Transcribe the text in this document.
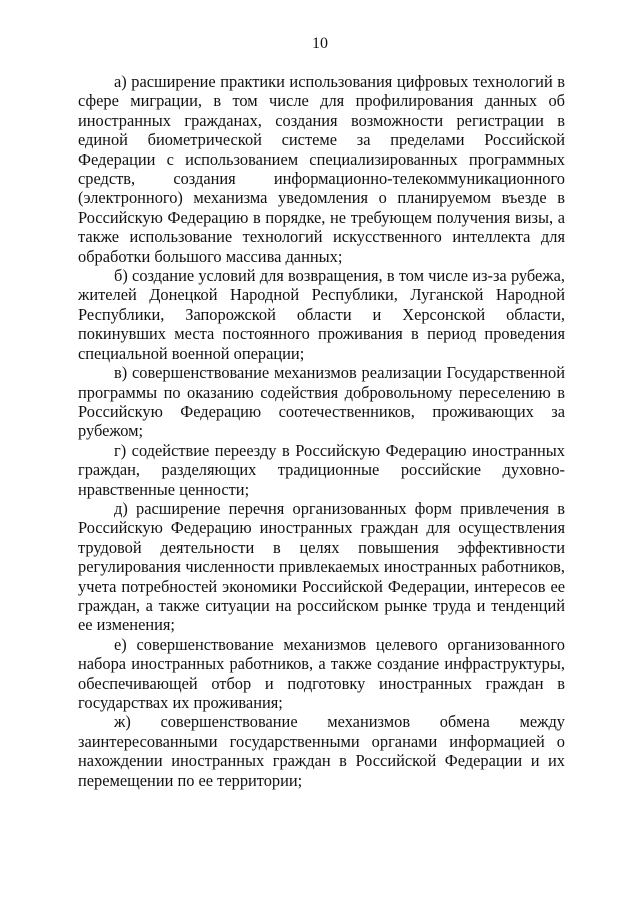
10

а) расширение практики использования цифровых технологий в сфере миграции, в том числе для профилирования данных об иностранных гражданах, создания возможности регистрации в единой биометрической системе за пределами Российской Федерации с использованием специализированных программных средств, создания информационно-телекоммуникационного (электронного) механизма уведомления о планируемом въезде в Российскую Федерацию в порядке, не требующем получения визы, а также использование технологий искусственного интеллекта для обработки большого массива данных;

б) создание условий для возвращения, в том числе из-за рубежа, жителей Донецкой Народной Республики, Луганской Народной Республики, Запорожской области и Херсонской области, покинувших места постоянного проживания в период проведения специальной военной операции;

в) совершенствование механизмов реализации Государственной программы по оказанию содействия добровольному переселению в Российскую Федерацию соотечественников, проживающих за рубежом;

г) содействие переезду в Российскую Федерацию иностранных граждан, разделяющих традиционные российские духовно-нравственные ценности;

д) расширение перечня организованных форм привлечения в Российскую Федерацию иностранных граждан для осуществления трудовой деятельности в целях повышения эффективности регулирования численности привлекаемых иностранных работников, учета потребностей экономики Российской Федерации, интересов ее граждан, а также ситуации на российском рынке труда и тенденций ее изменения;

е) совершенствование механизмов целевого организованного набора иностранных работников, а также создание инфраструктуры, обеспечивающей отбор и подготовку иностранных граждан в государствах их проживания;

ж) совершенствование механизмов обмена между заинтересованными государственными органами информацией о нахождении иностранных граждан в Российской Федерации и их перемещении по ее территории;
